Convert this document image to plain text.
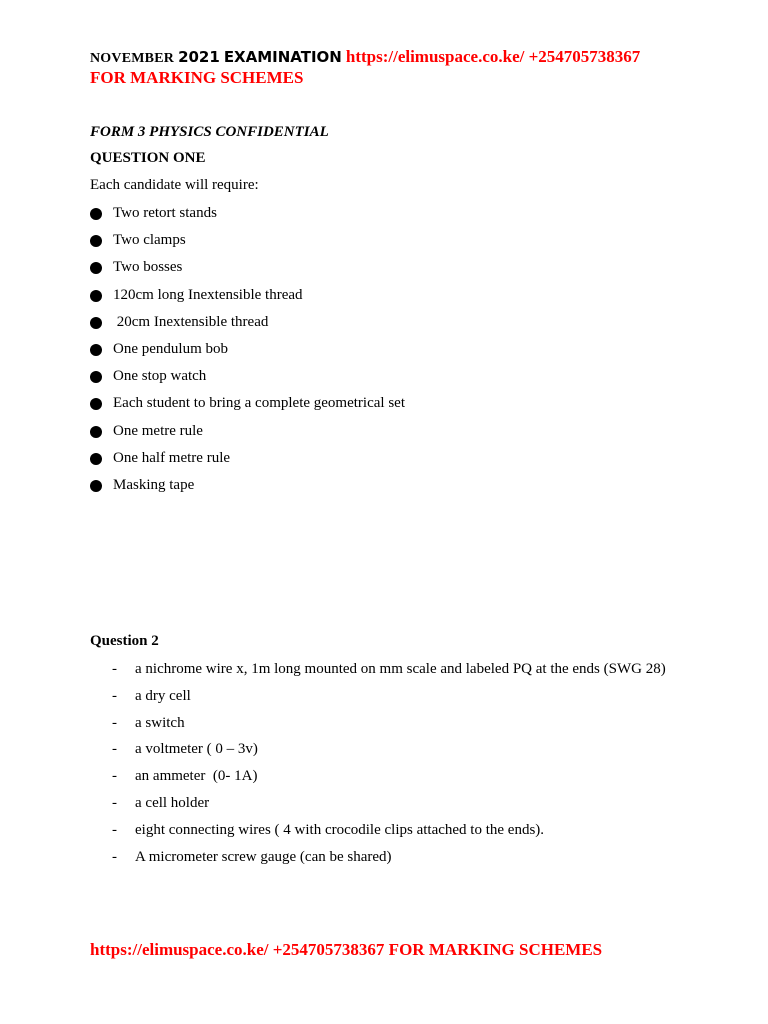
NOVEMBER 2021 EXAMINATION https://elimuspace.co.ke/ +254705738367
FOR MARKING SCHEMES
FORM 3 PHYSICS CONFIDENTIAL
QUESTION ONE
Each candidate will require:
Two retort stands
Two clamps
Two bosses
120cm long Inextensible thread
20cm Inextensible thread
One pendulum bob
One stop watch
Each student to bring a complete geometrical set
One metre rule
One half metre rule
Masking tape
Question 2
-	a nichrome wire x, 1m long mounted on mm scale and labeled PQ at the ends (SWG 28)
-	a dry cell
-	a switch
-	a voltmeter ( 0 – 3v)
-	an ammeter  (0- 1A)
-	a cell holder
-	eight connecting wires ( 4 with crocodile clips attached to the ends).
-	A micrometer screw gauge (can be shared)
https://elimuspace.co.ke/ +254705738367 FOR MARKING SCHEMES
